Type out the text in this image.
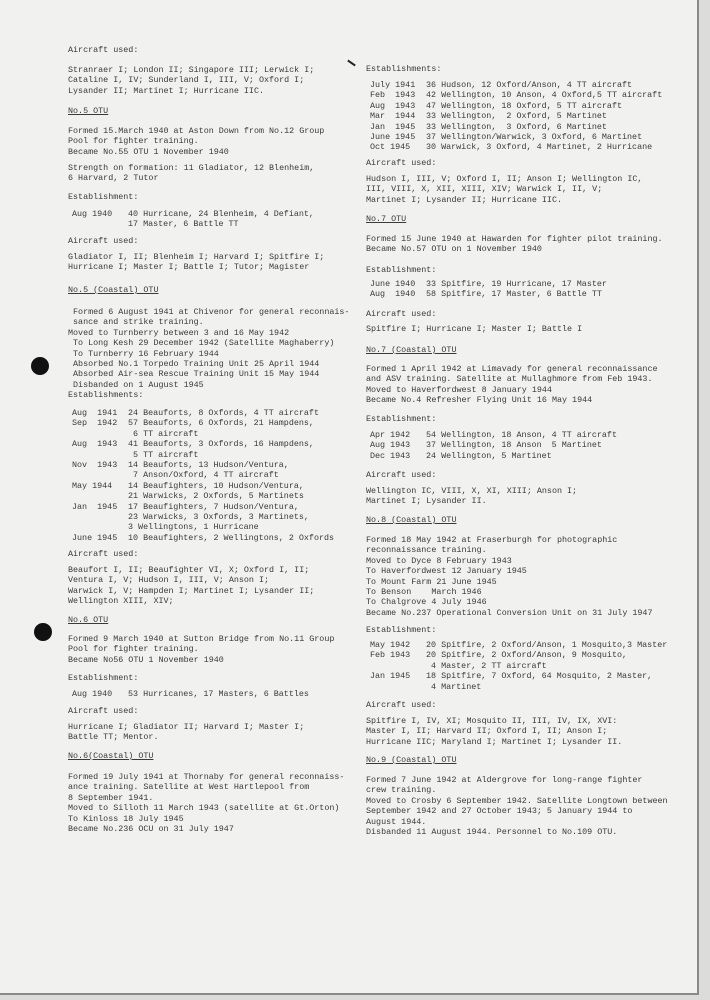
Aircraft used:
Stranraer I; London II; Singapore III; Lerwick I;
Cataline I, IV; Sunderland I, III, V; Oxford I;
Lysander II; Martinet I; Hurricane IIC.
No.5 OTU
Formed 15.March 1940 at Aston Down from No.12 Group
Pool for fighter training.
Became No.55 OTU 1 November 1940
Strength on formation: 11 Gladiator, 12 Blenheim,
6 Harvard, 2 Tutor
Establishment:
Aug 1940	40 Hurricane, 24 Blenheim, 4 Defiant,
17 Master, 6 Battle TT
Aircraft used:
Gladiator I, II; Blenheim I; Harvard I; Spitfire I;
Hurricane I; Master I; Battle I; Tutor; Magister
No.5 (Coastal) OTU
Formed 6 August 1941 at Chivenor for general reconnais-
sance and strike training.
Moved to Turnberry between 3 and 16 May 1942
To Long Kesh 29 December 1942 (Satellite Maghaberry)
To Turnberry 16 February 1944
Absorbed No.1 Torpedo Training Unit 25 April 1944
Absorbed Air-sea Rescue Training Unit 15 May 1944
Disbanded on 1 August 1945
Establishments:
Aug  1941	24 Beauforts, 8 Oxfords, 4 TT aircraft
Sep  1942	57 Beauforts, 6 Oxfords, 21 Hampdens,
6 TT aircraft
Aug  1943	41 Beauforts, 3 Oxfords, 16 Hampdens,
5 TT aircraft
Nov  1943	14 Beauforts, 13 Hudson/Ventura,
7 Anson/Oxford, 4 TT aircraft
May 1944	14 Beaufighters, 10 Hudson/Ventura,
21 Warwicks, 2 Oxfords, 5 Martinets
Jan  1945	17 Beaufighters, 7 Hudson/Ventura,
23 Warwicks, 3 Oxfords, 3 Martinets,
3 Wellingtons, 1 Hurricane
June 1945	10 Beaufighters, 2 Wellingtons, 2 Oxfords
Aircraft used:
Beaufort I, II; Beaufighter VI, X; Oxford I, II;
Ventura I, V; Hudson I, III, V; Anson I;
Warwick I, V; Hampden I; Martinet I; Lysander II;
Wellington XIII, XIV;
No.6 OTU
Formed 9 March 1940 at Sutton Bridge from No.11 Group
Pool for fighter training.
Became No56 OTU 1 November 1940
Establishment:
Aug 1940	53 Hurricanes, 17 Masters, 6 Battles
Aircraft used:
Hurricane I; Gladiator II; Harvard I; Master I;
Battle TT; Mentor.
No.6(Coastal) OTU
Formed 19 July 1941 at Thornaby for general reconnaiss-
ance training. Satellite at West Hartlepool from
8 September 1941.
Moved to Silloth 11 March 1943 (satellite at Gt.Orton)
To Kinloss 18 July 1945
Became No.236 OCU on 31 July 1947
Establishments:
July 1941	36 Hudson, 12 Oxford/Anson, 4 TT aircraft
Feb  1943	42 Wellington, 10 Anson, 4 Oxford,5 TT aircraft
Aug  1943	47 Wellington, 18 Oxford, 5 TT aircraft
Mar  1944	33 Wellington,  2 Oxford, 5 Martinet
Jan  1945	33 Wellington,  3 Oxford, 6 Martinet
June 1945	37 Wellington/Warwick, 3 Oxford, 6 Martinet
Oct 1945	30 Warwick, 3 Oxford, 4 Martinet, 2 Hurricane
Aircraft used:
Hudson I, III, V; Oxford I, II; Anson I; Wellington IC,
III, VIII, X, XII, XIII, XIV; Warwick I, II, V;
Martinet I; Lysander II; Hurricane IIC.
No.7 OTU
Formed 15 June 1940 at Hawarden for fighter pilot training.
Became No.57 OTU on 1 November 1940
Establishment:
June 1940	33 Spitfire, 19 Hurricane, 17 Master
Aug  1940	58 Spitfire, 17 Master, 6 Battle TT
Aircraft used:
Spitfire I; Hurricane I; Master I; Battle I
No.7 (Coastal) OTU
Formed 1 April 1942 at Limavady for general reconnaissance
and ASV training. Satellite at Mullaghmore from Feb 1943.
Moved to Haverfordwest 8 January 1944
Became No.4 Refresher Flying Unit 16 May 1944
Establishment:
Apr 1942	54 Wellington, 18 Anson, 4 TT aircraft
Aug 1943	37 Wellington, 18 Anson  5 Martinet
Dec 1943	24 Wellington, 5 Martinet
Aircraft used:
Wellington IC, VIII, X, XI, XIII; Anson I;
Martinet I; Lysander II.
No.8 (Coastal) OTU
Formed 18 May 1942 at Fraserburgh for photographic
reconnaissance training.
Moved to Dyce 8 February 1943
To Haverfordwest 12 January 1945
To Mount Farm 21 June 1945
To Benson    March 1946
To Chalgrove 4 July 1946
Became No.237 Operational Conversion Unit on 31 July 1947
Establishment:
May 1942	20 Spitfire, 2 Oxford/Anson, 1 Mosquito,3 Master
Feb 1943	20 Spitfire, 2 Oxford/Anson, 9 Mosquito,
4 Master, 2 TT aircraft
Jan 1945	18 Spitfire, 7 Oxford, 64 Mosquito, 2 Master,
4 Martinet
Aircraft used:
Spitfire I, IV, XI; Mosquito II, III, IV, IX, XVI:
Master I, II; Harvard II; Oxford I, II; Anson I;
Hurricane IIC; Maryland I; Martinet I; Lysander II.
No.9 (Coastal) OTU
Formed 7 June 1942 at Aldergrove for long-range fighter
crew training.
Moved to Crosby 6 September 1942. Satellite Longtown between
September 1942 and 27 October 1943; 5 January 1944 to
August 1944.
Disbanded 11 August 1944. Personnel to No.109 OTU.
